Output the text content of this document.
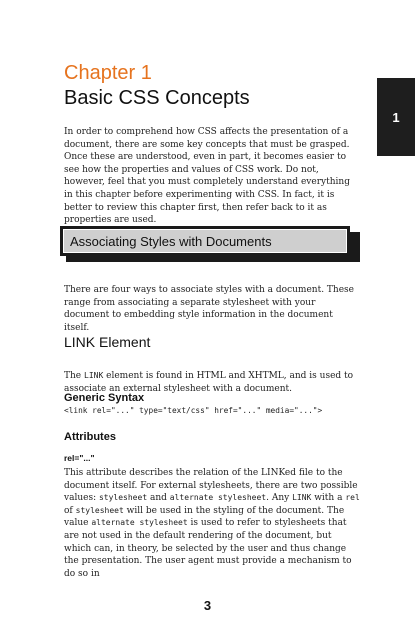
1
Chapter 1
Basic CSS Concepts

In order to comprehend how CSS affects the presentation of a document, there are some key concepts that must be grasped. Once these are understood, even in part, it becomes easier to see how the properties and values of CSS work. Do not, however, feel that you must completely understand everything in this chapter before experimenting with CSS. In fact, it is better to review this chapter first, then refer back to it as properties are used.

Associating Styles with Documents

There are four ways to associate styles with a document. These range from associating a separate stylesheet with your document to embedding style information in the document itself.

LINK Element

The LINK element is found in HTML and XHTML, and is used to associate an external stylesheet with a document.

Generic Syntax
<link rel="..." type="text/css" href="..." media="...">
Attributes
rel="..."

This attribute describes the relation of the LINKed file to the document itself. For external stylesheets, there are two possible values: stylesheet and alternate stylesheet. Any LINK with a rel of stylesheet will be used in the styling of the document. The value alternate stylesheet is used to refer to stylesheets that are not used in the default rendering of the document, but which can, in theory, be selected by the user and thus change the presentation. The user agent must provide a mechanism to do so in

3
